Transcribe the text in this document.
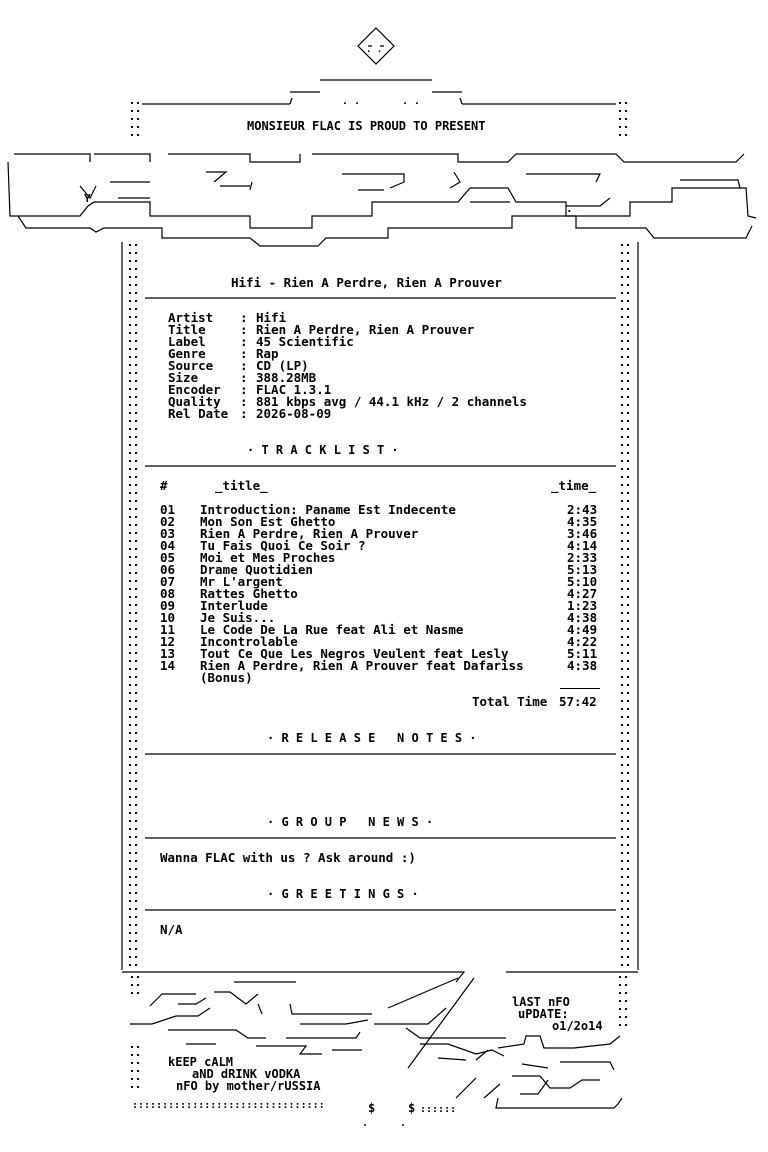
. .	. .
. .
MONSIEUR FLAC IS PROUD TO PRESENT
Y
.
Hifi - Rien A Perdre, Rien A Prouver
Artist : Hifi
Title	: Rien A Perdre, Rien A Prouver
Label	: 45 Scientific
Genre	: Rap
Source : CD (LP)
Size	: 388.28MB
Encoder : FLAC 1.3.1
Quality : 881 kbps avg / 44.1 kHz / 2 channels
Rel Date : 2026-08-09
· T R A C K L I S T ·
#	_title_	_time_
01 Introduction: Paname Est Indecente	2:43
02 Mon Son Est Ghetto	4:35
03 Rien A Perdre, Rien A Prouver	3:46
04 Tu Fais Quoi Ce Soir ?	4:14
05 Moi et Mes Proches	2:33
06 Drame Quotidien	5:13
07 Mr L'argent	5:10
08 Rattes Ghetto	4:27
09 Interlude	1:23
10 Je Suis...	4:38
11 Le Code De La Rue feat Ali et Nasme	4:49
12 Incontrolable	4:22
13 Tout Ce Que Les Negros Veulent feat Lesly	5:11
14 Rien A Perdre, Rien A Prouver feat Dafariss	4:38
(Bonus)
Total Time 57:42
· R E L E A S E   N O T E S ·
· G R O U P   N E W S ·
Wanna FLAC with us ? Ask around :)
· G R E E T I N G S ·
N/A
lAST nFO
uPDATE:
o1/2o14
::::::::::::::::::::::::::::::::	$	$ ::::::
.	.
kEEP cALM
aND dRINK vODKA
nFO by mother/rUSSIA
